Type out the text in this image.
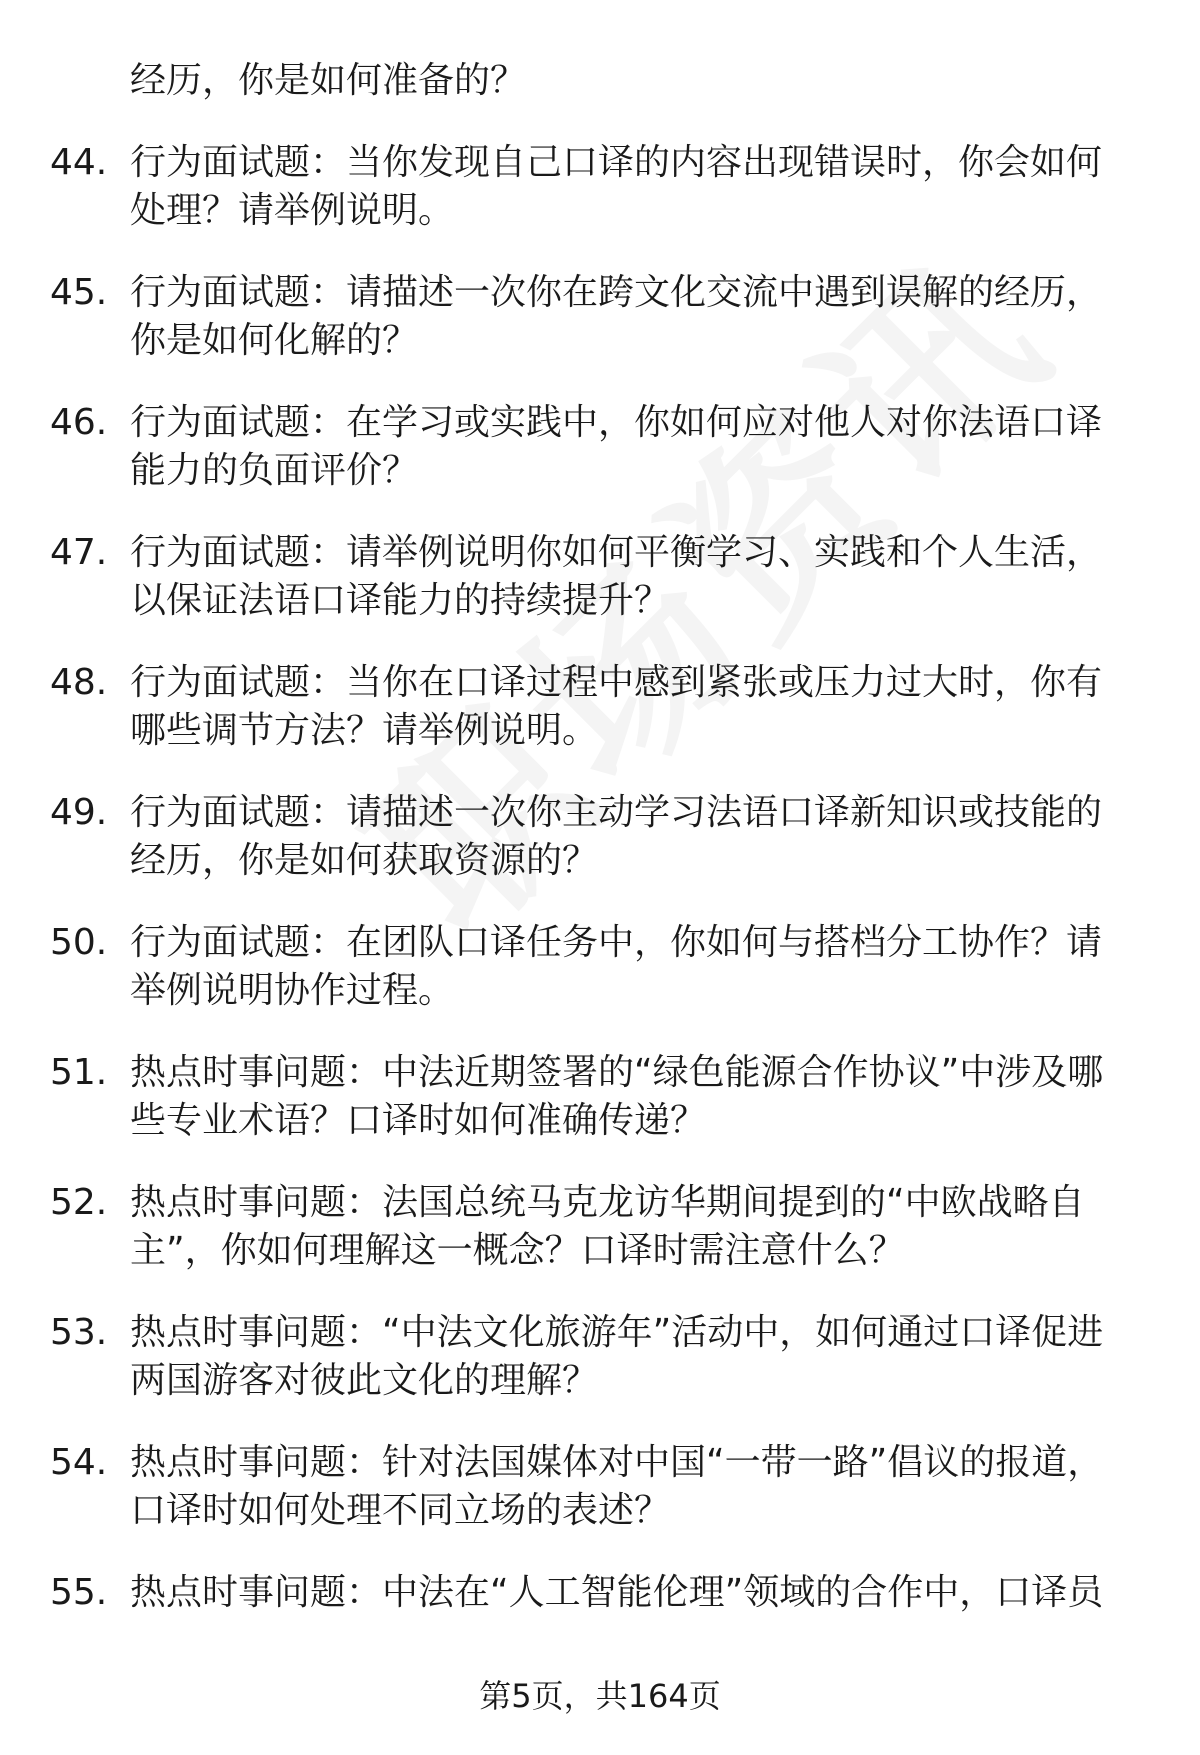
经历，你是如何准备的？
44. 行为面试题：当你发现自己口译的内容出现错误时，你会如何处理？请举例说明。
45. 行为面试题：请描述一次你在跨文化交流中遇到误解的经历，你是如何化解的？
46. 行为面试题：在学习或实践中，你如何应对他人对你法语口译能力的负面评价？
47. 行为面试题：请举例说明你如何平衡学习、实践和个人生活，以保证法语口译能力的持续提升？
48. 行为面试题：当你在口译过程中感到紧张或压力过大时，你有哪些调节方法？请举例说明。
49. 行为面试题：请描述一次你主动学习法语口译新知识或技能的经历，你是如何获取资源的？
50. 行为面试题：在团队口译任务中，你如何与搭档分工协作？请举例说明协作过程。
51. 热点时事问题：中法近期签署的“绿色能源合作协议”中涉及哪些专业术语？口译时如何准确传递？
52. 热点时事问题：法国总统马克龙访华期间提到的“中欧战略自主”，你如何理解这一概念？口译时需注意什么？
53. 热点时事问题：“中法文化旅游年”活动中，如何通过口译促进两国游客对彼此文化的理解？
54. 热点时事问题：针对法国媒体对中国“一带一路”倡议的报道，口译时如何处理不同立场的表述？
55. 热点时事问题：中法在“人工智能伦理”领域的合作中，口译员
第5页，共164页
